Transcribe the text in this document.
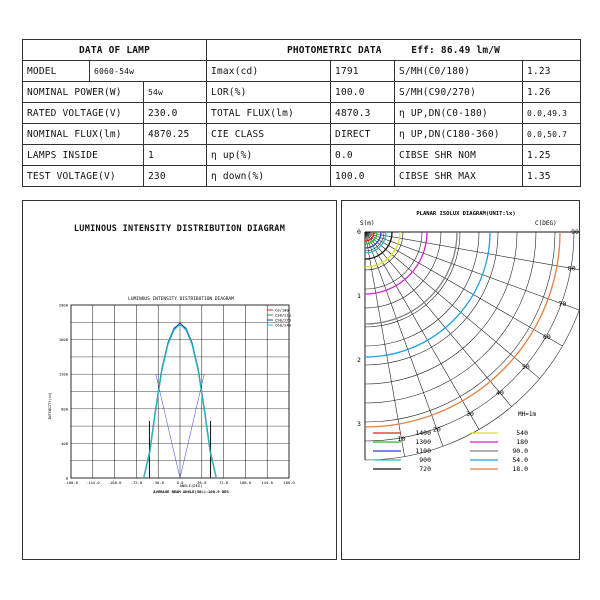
DATA OF LAMP			PHOTOMETRIC DATA Eff: 86.49 lm/W			
MODEL	6060-54w		Imax(cd)	1791	S/MH(C0/180)	1.23
NOMINAL POWER(W)		54w	LOR(%)	100.0	S/MH(C90/270)	1.26
RATED VOLTAGE(V)		230.0	TOTAL FLUX(lm)	4870.3	η UP,DN(C0-180)	0.0,49.3
NOMINAL FLUX(lm)		4870.25	CIE CLASS	DIRECT	η UP,DN(C180-360)	0.0,50.7
LAMPS INSIDE		1	η up(%)	0.0	CIBSE SHR NOM	1.25
TEST VOLTAGE(V)		230	η down(%)	100.0	CIBSE SHR MAX	1.35
LUMINOUS INTENSITY DISTRIBUTION DIAGRAM
LUMINOUS INTENSITY DISTRIBUTION DIAGRAM
INTENSITY(cd)
ANGLE(DEG)
AVERAGE BEAM ANGLE(50%):100.9 DEG
-180.0 -144.0 -108.0 -72.0	-36.0	0.0	36.0	72.0	108.0	144.0	180.0
2000
1600
1200
800
400
0
C0/180
C30/210
C90/270
C60/240
PLANAR ISOLUX DIAGRAM(UNIT:lx)
S(m)	C(DEG)
0
1
2
3
10
20
30
40
50
60
70
80
90
MH=1m
1400
1300
1100
900
720
540
180
90.0
54.0
18.0
